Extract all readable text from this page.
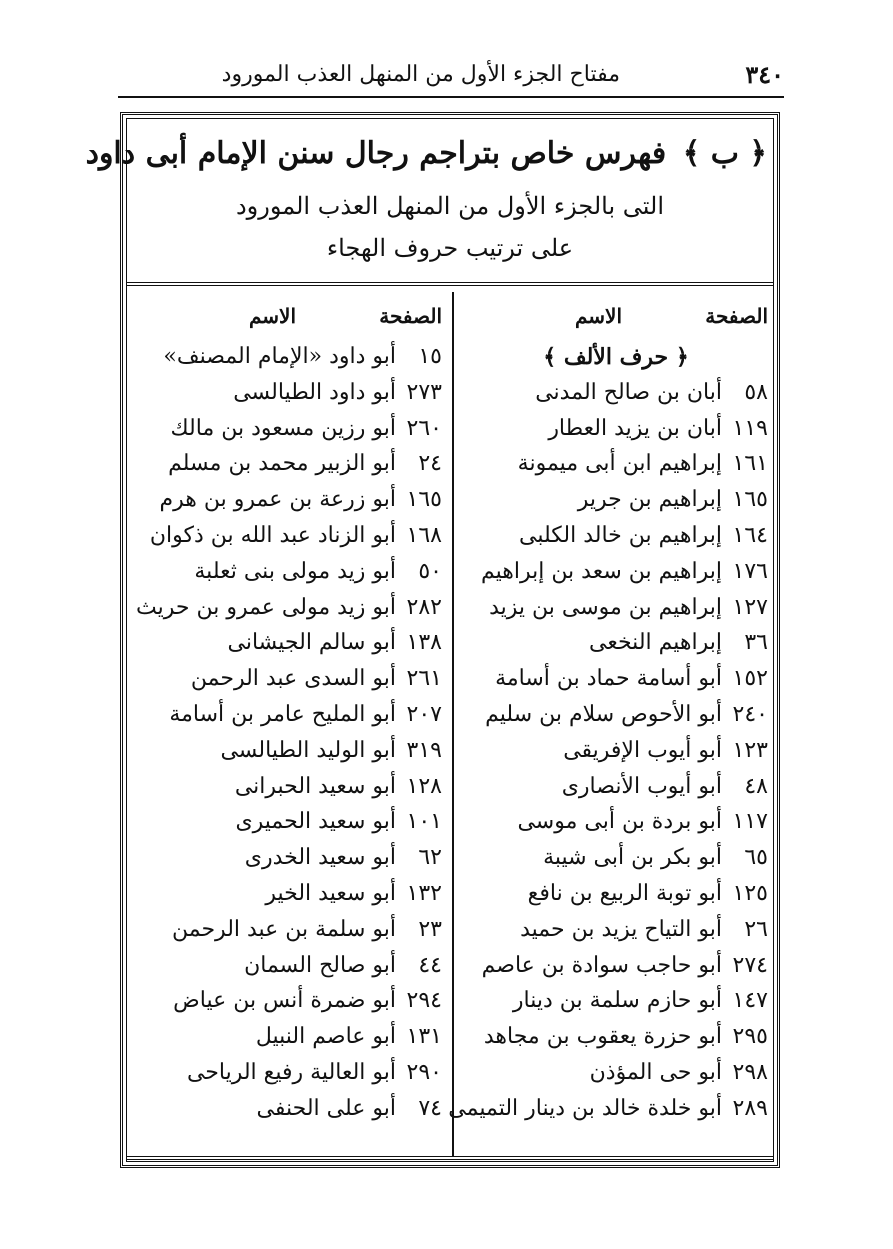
٣٤٠
مفتاح الجزء الأول من المنهل العذب المورود
﴿ ب ﴾ فهرس خاص بتراجم رجال سنن الإمام أبى داود
التى بالجزء الأول من المنهل العذب المورود
على ترتيب حروف الهجاء
الصفحة
الاسم
﴿ حرف الألف ﴾
٥٨
أبان بن صالح المدنى
١١٩
أبان بن يزيد العطار
١٦١
إبراهيم ابن أبى ميمونة
١٦٥
إبراهيم بن جرير
١٦٤
إبراهيم بن خالد الكلبى
١٧٦
إبراهيم بن سعد بن إبراهيم
١٢٧
إبراهيم بن موسى بن يزيد
٣٦
إبراهيم النخعى
١٥٢
أبو أسامة حماد بن أسامة
٢٤٠
أبو الأحوص سلام بن سليم
١٢٣
أبو أيوب الإفريقى
٤٨
أبو أيوب الأنصارى
١١٧
أبو بردة بن أبى موسى
٦٥
أبو بكر بن أبى شيبة
١٢٥
أبو توبة الربيع بن نافع
٢٦
أبو التياح يزيد بن حميد
٢٧٤
أبو حاجب سوادة بن عاصم
١٤٧
أبو حازم سلمة بن دينار
٢٩٥
أبو حزرة يعقوب بن مجاهد
٢٩٨
أبو حى المؤذن
٢٨٩
أبو خلدة خالد بن دينار التميمى
الصفحة
الاسم
١٥
أبو داود «الإمام المصنف»
٢٧٣
أبو داود الطيالسى
٢٦٠
أبو رزين مسعود بن مالك
٢٤
أبو الزبير محمد بن مسلم
١٦٥
أبو زرعة بن عمرو بن هرم
١٦٨
أبو الزناد عبد الله بن ذكوان
٥٠
أبو زيد مولى بنى ثعلبة
٢٨٢
أبو زيد مولى عمرو بن حريث
١٣٨
أبو سالم الجيشانى
٢٦١
أبو السدى عبد الرحمن
٢٠٧
أبو المليح عامر بن أسامة
٣١٩
أبو الوليد الطيالسى
١٢٨
أبو سعيد الحبرانى
١٠١
أبو سعيد الحميرى
٦٢
أبو سعيد الخدرى
١٣٢
أبو سعيد الخير
٢٣
أبو سلمة بن عبد الرحمن
٤٤
أبو صالح السمان
٢٩٤
أبو ضمرة أنس بن عياض
١٣١
أبو عاصم النبيل
٢٩٠
أبو العالية رفيع الرياحى
٧٤
أبو على الحنفى
